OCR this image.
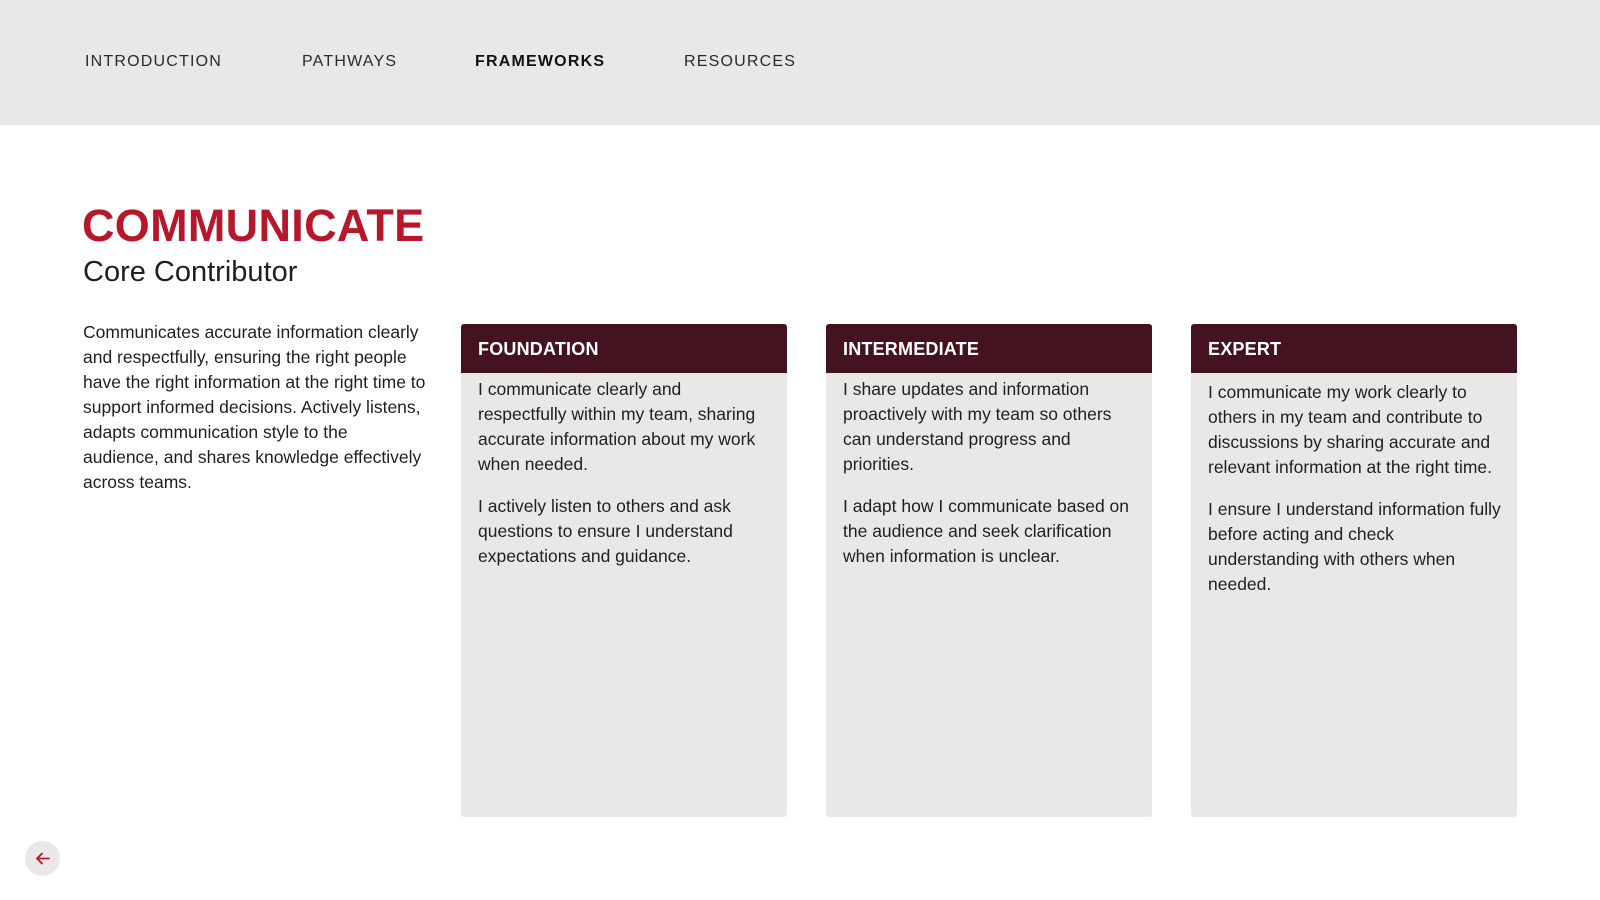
INTRODUCTION	PATHWAYS	FRAMEWORKS	RESOURCES
COMMUNICATE
Core Contributor
Communicates accurate information clearly and respectfully, ensuring the right people have the right information at the right time to support informed decisions. Actively listens, adapts communication style to the audience, and shares knowledge effectively across teams.
FOUNDATION

I communicate clearly and respectfully within my team, sharing accurate information about my work when needed.

I actively listen to others and ask questions to ensure I understand expectations and guidance.

INTERMEDIATE

I share updates and information proactively with my team so others can understand progress and priorities.

I adapt how I communicate based on the audience and seek clarification when information is unclear.

EXPERT

I communicate my work clearly to others in my team and contribute to discussions by sharing accurate and relevant information at the right time.

I ensure I understand information fully before acting and check understanding with others when needed.
